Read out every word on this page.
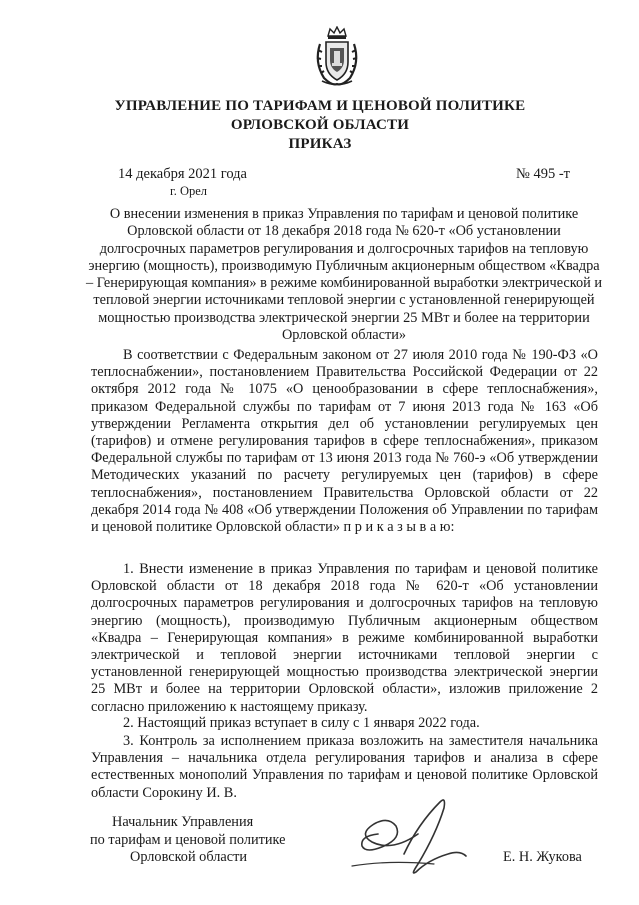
УПРАВЛЕНИЕ ПО ТАРИФАМ И ЦЕНОВОЙ ПОЛИТИКЕ
ОРЛОВСКОЙ ОБЛАСТИ
ПРИКАЗ
14 декабря 2021 года
г. Орел
№ 495 -т
О внесении изменения в приказ Управления по тарифам и ценовой политике Орловской области от 18 декабря 2018 года № 620-т «Об установлении долгосрочных параметров регулирования и долгосрочных тарифов на тепловую энергию (мощность), производимую Публичным акционерным обществом «Квадра – Генерирующая компания» в режиме комбинированной выработки электрической и тепловой энергии источниками тепловой энергии с установленной генерирующей мощностью производства электрической энергии 25 МВт и более на территории Орловской области»
В соответствии с Федеральным законом от 27 июля 2010 года № 190-ФЗ «О теплоснабжении», постановлением Правительства Российской Федерации от 22 октября 2012 года № 1075 «О ценообразовании в сфере теплоснабжения», приказом Федеральной службы по тарифам от 7 июня 2013 года № 163 «Об утверждении Регламента открытия дел об установлении регулируемых цен (тарифов) и отмене регулирования тарифов в сфере теплоснабжения», приказом Федеральной службы по тарифам от 13 июня 2013 года № 760-э «Об утверждении Методических указаний по расчету регулируемых цен (тарифов) в сфере теплоснабжения», постановлением Правительства Орловской области от 22 декабря 2014 года № 408 «Об утверждении Положения об Управлении по тарифам и ценовой политике Орловской области» п р и к а з ы в а ю:
1. Внести изменение в приказ Управления по тарифам и ценовой политике Орловской области от 18 декабря 2018 года № 620-т «Об установлении долгосрочных параметров регулирования и долгосрочных тарифов на тепловую энергию (мощность), производимую Публичным акционерным обществом «Квадра – Генерирующая компания» в режиме комбинированной выработки электрической и тепловой энергии источниками тепловой энергии с установленной генерирующей мощностью производства электрической энергии 25 МВт и более на территории Орловской области», изложив приложение 2 согласно приложению к настоящему приказу.
2. Настоящий приказ вступает в силу с 1 января 2022 года.
3. Контроль за исполнением приказа возложить на заместителя начальника Управления – начальника отдела регулирования тарифов и анализа в сфере естественных монополий Управления по тарифам и ценовой политике Орловской области Сорокину И. В.
Начальник Управления
по тарифам и ценовой политике
Орловской области	Е. Н. Жукова
